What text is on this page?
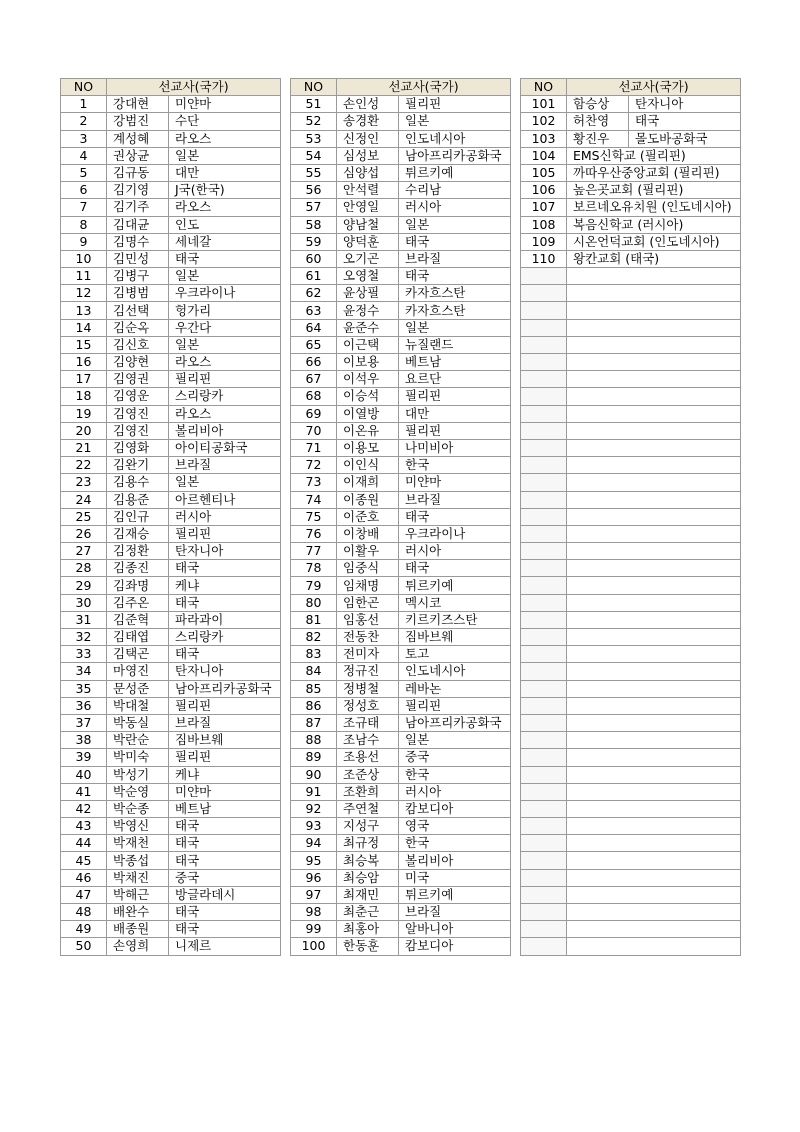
NO	선교사(국가)	
1	강대현	미얀마
2	강범진	수단
3	계성혜	라오스
4	권상균	일본
5	김규동	대만
6	김기영	J국(한국)
7	김기주	라오스
8	김대균	인도
9	김명수	세네갈
10	김민성	태국
11	김병구	일본
12	김병범	우크라이나
13	김선택	헝가리
14	김순옥	우간다
15	김신호	일본
16	김양현	라오스
17	김영권	필리핀
18	김영운	스리랑카
19	김영진	라오스
20	김영진	볼리비아
21	김영화	아이티공화국
22	김완기	브라질
23	김용수	일본
24	김용준	아르헨티나
25	김인규	러시아
26	김재승	필리핀
27	김정환	탄자니아
28	김종진	태국
29	김좌명	케냐
30	김주온	태국
31	김준혁	파라과이
32	김태엽	스리랑카
33	김택곤	태국
34	마영진	탄자니아
35	문성준	남아프리카공화국
36	박대철	필리핀
37	박동실	브라질
38	박란순	짐바브웨
39	박미숙	필리핀
40	박성기	케냐
41	박순영	미얀마
42	박순종	베트남
43	박영신	태국
44	박재천	태국
45	박종섭	태국
46	박채진	중국
47	박해근	방글라데시
48	배완수	태국
49	배종원	태국
50	손영희	니제르
NO	선교사(국가)	
51	손인성	필리핀
52	송경환	일본
53	신정인	인도네시아
54	심성보	남아프리카공화국
55	심양섭	튀르키예
56	안석렬	수리남
57	안영일	러시아
58	양남철	일본
59	양덕훈	태국
60	오기곤	브라질
61	오영철	태국
62	윤상필	카자흐스탄
63	윤정수	카자흐스탄
64	윤준수	일본
65	이근택	뉴질랜드
66	이보용	베트남
67	이석우	요르단
68	이승석	필리핀
69	이열방	대만
70	이온유	필리핀
71	이용모	나미비아
72	이인식	한국
73	이재희	미얀마
74	이종원	브라질
75	이준호	태국
76	이창배	우크라이나
77	이활우	러시아
78	임중식	태국
79	임채명	튀르키예
80	임한곤	멕시코
81	임홍선	키르키즈스탄
82	전동찬	짐바브웨
83	전미자	토고
84	정규진	인도네시아
85	정병철	레바논
86	정성호	필리핀
87	조규태	남아프리카공화국
88	조남수	일본
89	조용선	중국
90	조준상	한국
91	조환희	러시아
92	주연철	캄보디아
93	지성구	영국
94	최규정	한국
95	최승복	볼리비아
96	최승암	미국
97	최재민	튀르키예
98	최춘근	브라질
99	최홍아	알바니아
100	한동훈	캄보디아
NO	선교사(국가)	
101	함승상	탄자니아
102	허찬영	태국
103	황진우	몰도바공화국
104	EMS신학교 (필리핀)	
105	까따우산중앙교회 (필리핀)	
106	높은곳교회 (필리핀)	
107	보르네오유치원 (인도네시아)	
108	복음신학교 (러시아)	
109	시온언덕교회 (인도네시아)	
110	왕칸교회 (태국)	
